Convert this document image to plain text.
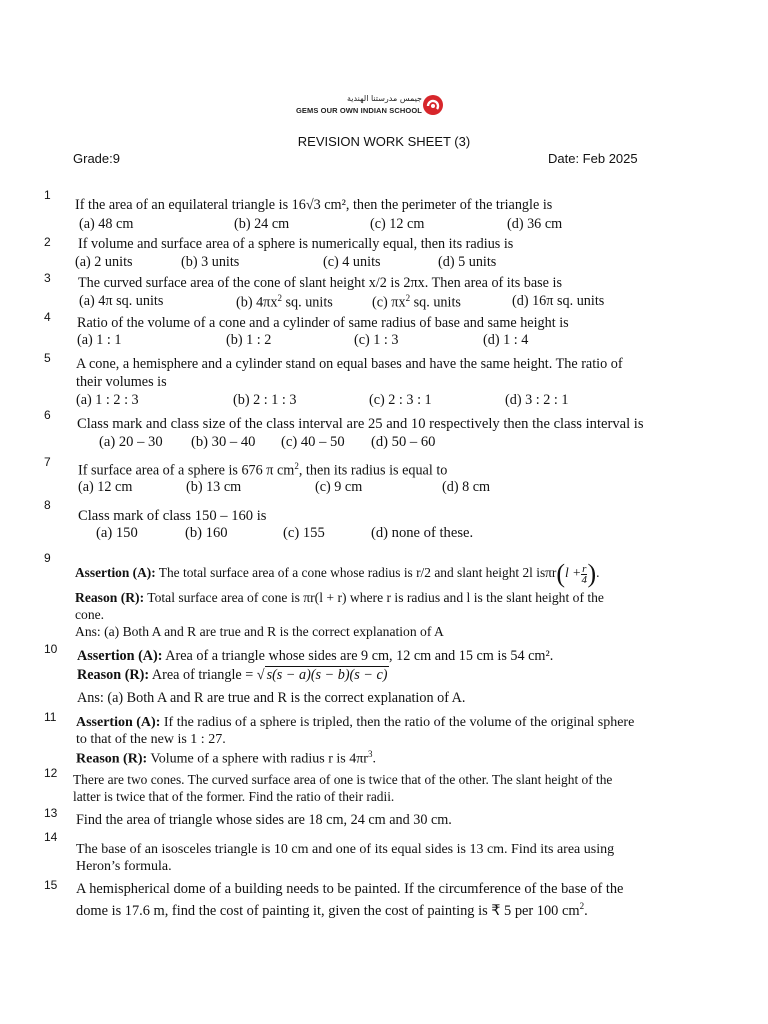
جيمس مدرستنا الهندية
GEMS OUR OWN INDIAN SCHOOL
REVISION WORK SHEET (3)
Grade:9	Date: Feb 2025
1
If the area of an equilateral triangle is 16√3 cm², then the perimeter of the triangle is
(a) 48 cm	(b) 24 cm	(c) 12 cm	(d) 36 cm
2 If volume and surface area of a sphere is numerically equal, then its radius is
(a) 2 units	(b) 3 units	(c) 4 units	(d) 5 units
3 The curved surface area of the cone of slant height x/2 is 2πx. Then area of its base is
(a) 4π sq. units	(b) $4\pi x^2$ sq. units	(c) $\pi x^2$ sq. units	(d) 16π sq. units
4 Ratio of the volume of a cone and a cylinder of same radius of base and same height is
(a) 1 : 1	(b) 1 : 2	(c) 1 : 3	(d) 1 : 4
5 A cone, a hemisphere and a cylinder stand on equal bases and have the same height. The ratio of
their volumes is
(a) 1 : 2 : 3	(b) 2 : 1 : 3	(c) 2 : 3 : 1	(d) 3 : 2 : 1
6
Class mark and class size of the class interval are 25 and 10 respectively then the class interval is
(a) 20 – 30 (b) 30 – 40 (c) 40 – 50 (d) 50 – 60
7
If surface area of a sphere is 676 π $cm^2$, then its radius is equal to
(a) 12 cm	(b) 13 cm	(c) 9 cm	(d) 8 cm
8
Class mark of class 150 – 160 is
(a) 150	(b) 160	(c) 155	(d) none of these.
9
Assertion (A): The total surface area of a cone whose radius is r/2 and slant height 2l $is\pi r(l + \frac{r}{4})$.
Reason (R): Total surface area of cone is πr(l + r) where r is radius and l is the slant height of the
cone.
Ans: (a) Both A and R are true and R is the correct explanation of A
10 Assertion (A): Area of a triangle whose sides are 9 cm, 12 cm and 15 cm is 54 cm².
Reason (R): Area of triangle = √ s(s − a)(s − b)(s − c)
Ans: (a) Both A and R are true and R is the correct explanation of A.
11 Assertion (A): If the radius of a sphere is tripled, then the ratio of the volume of the original sphere
to that of the new is 1 : 27.
Reason (R): Volume of a sphere with radius r is $4\pi r^3$.
12 There are two cones. The curved surface area of one is twice that of the other. The slant height of the
latter is twice that of the former. Find the ratio of their radii.
13 Find the area of triangle whose sides are 18 cm, 24 cm and 30 cm.
14
The base of an isosceles triangle is 10 cm and one of its equal sides is 13 cm. Find its area using
Heron’s formula.
15 A hemispherical dome of a building needs to be painted. If the circumference of the base of the
dome is 17.6 m, find the cost of painting it, given the cost of painting is ₹ 5 per 100 $cm^2$.
